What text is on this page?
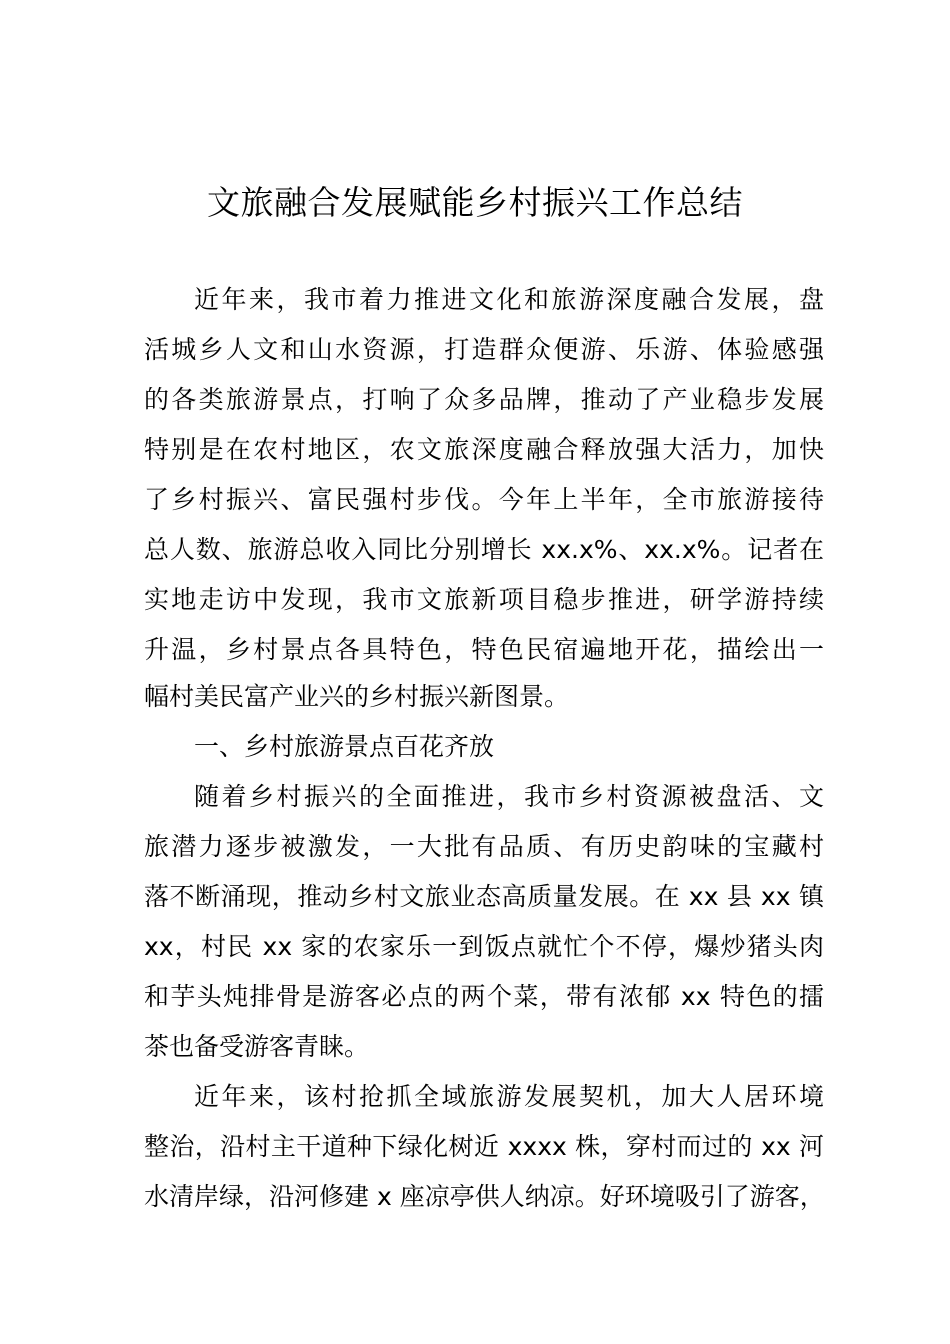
文旅融合发展赋能乡村振兴工作总结
近年来，我市着力推进文化和旅游深度融合发展，盘
活城乡人文和山水资源，打造群众便游、乐游、体验感强
的各类旅游景点，打响了众多品牌，推动了产业稳步发展
特别是在农村地区，农文旅深度融合释放强大活力，加快
了乡村振兴、富民强村步伐。今年上半年，全市旅游接待
总人数、旅游总收入同比分别增长 xx.x%、xx.x%。记者在
实地走访中发现，我市文旅新项目稳步推进，研学游持续
升温，乡村景点各具特色，特色民宿遍地开花，描绘出一
幅村美民富产业兴的乡村振兴新图景。
一、乡村旅游景点百花齐放
随着乡村振兴的全面推进，我市乡村资源被盘活、文
旅潜力逐步被激发，一大批有品质、有历史韵味的宝藏村
落不断涌现，推动乡村文旅业态高质量发展。在 xx 县 xx 镇
xx，村民 xx 家的农家乐一到饭点就忙个不停，爆炒猪头肉
和芋头炖排骨是游客必点的两个菜，带有浓郁 xx 特色的擂
茶也备受游客青睐。
近年来，该村抢抓全域旅游发展契机，加大人居环境
整治，沿村主干道种下绿化树近 xxxx 株，穿村而过的 xx 河
水清岸绿，沿河修建 x 座凉亭供人纳凉。好环境吸引了游客，
